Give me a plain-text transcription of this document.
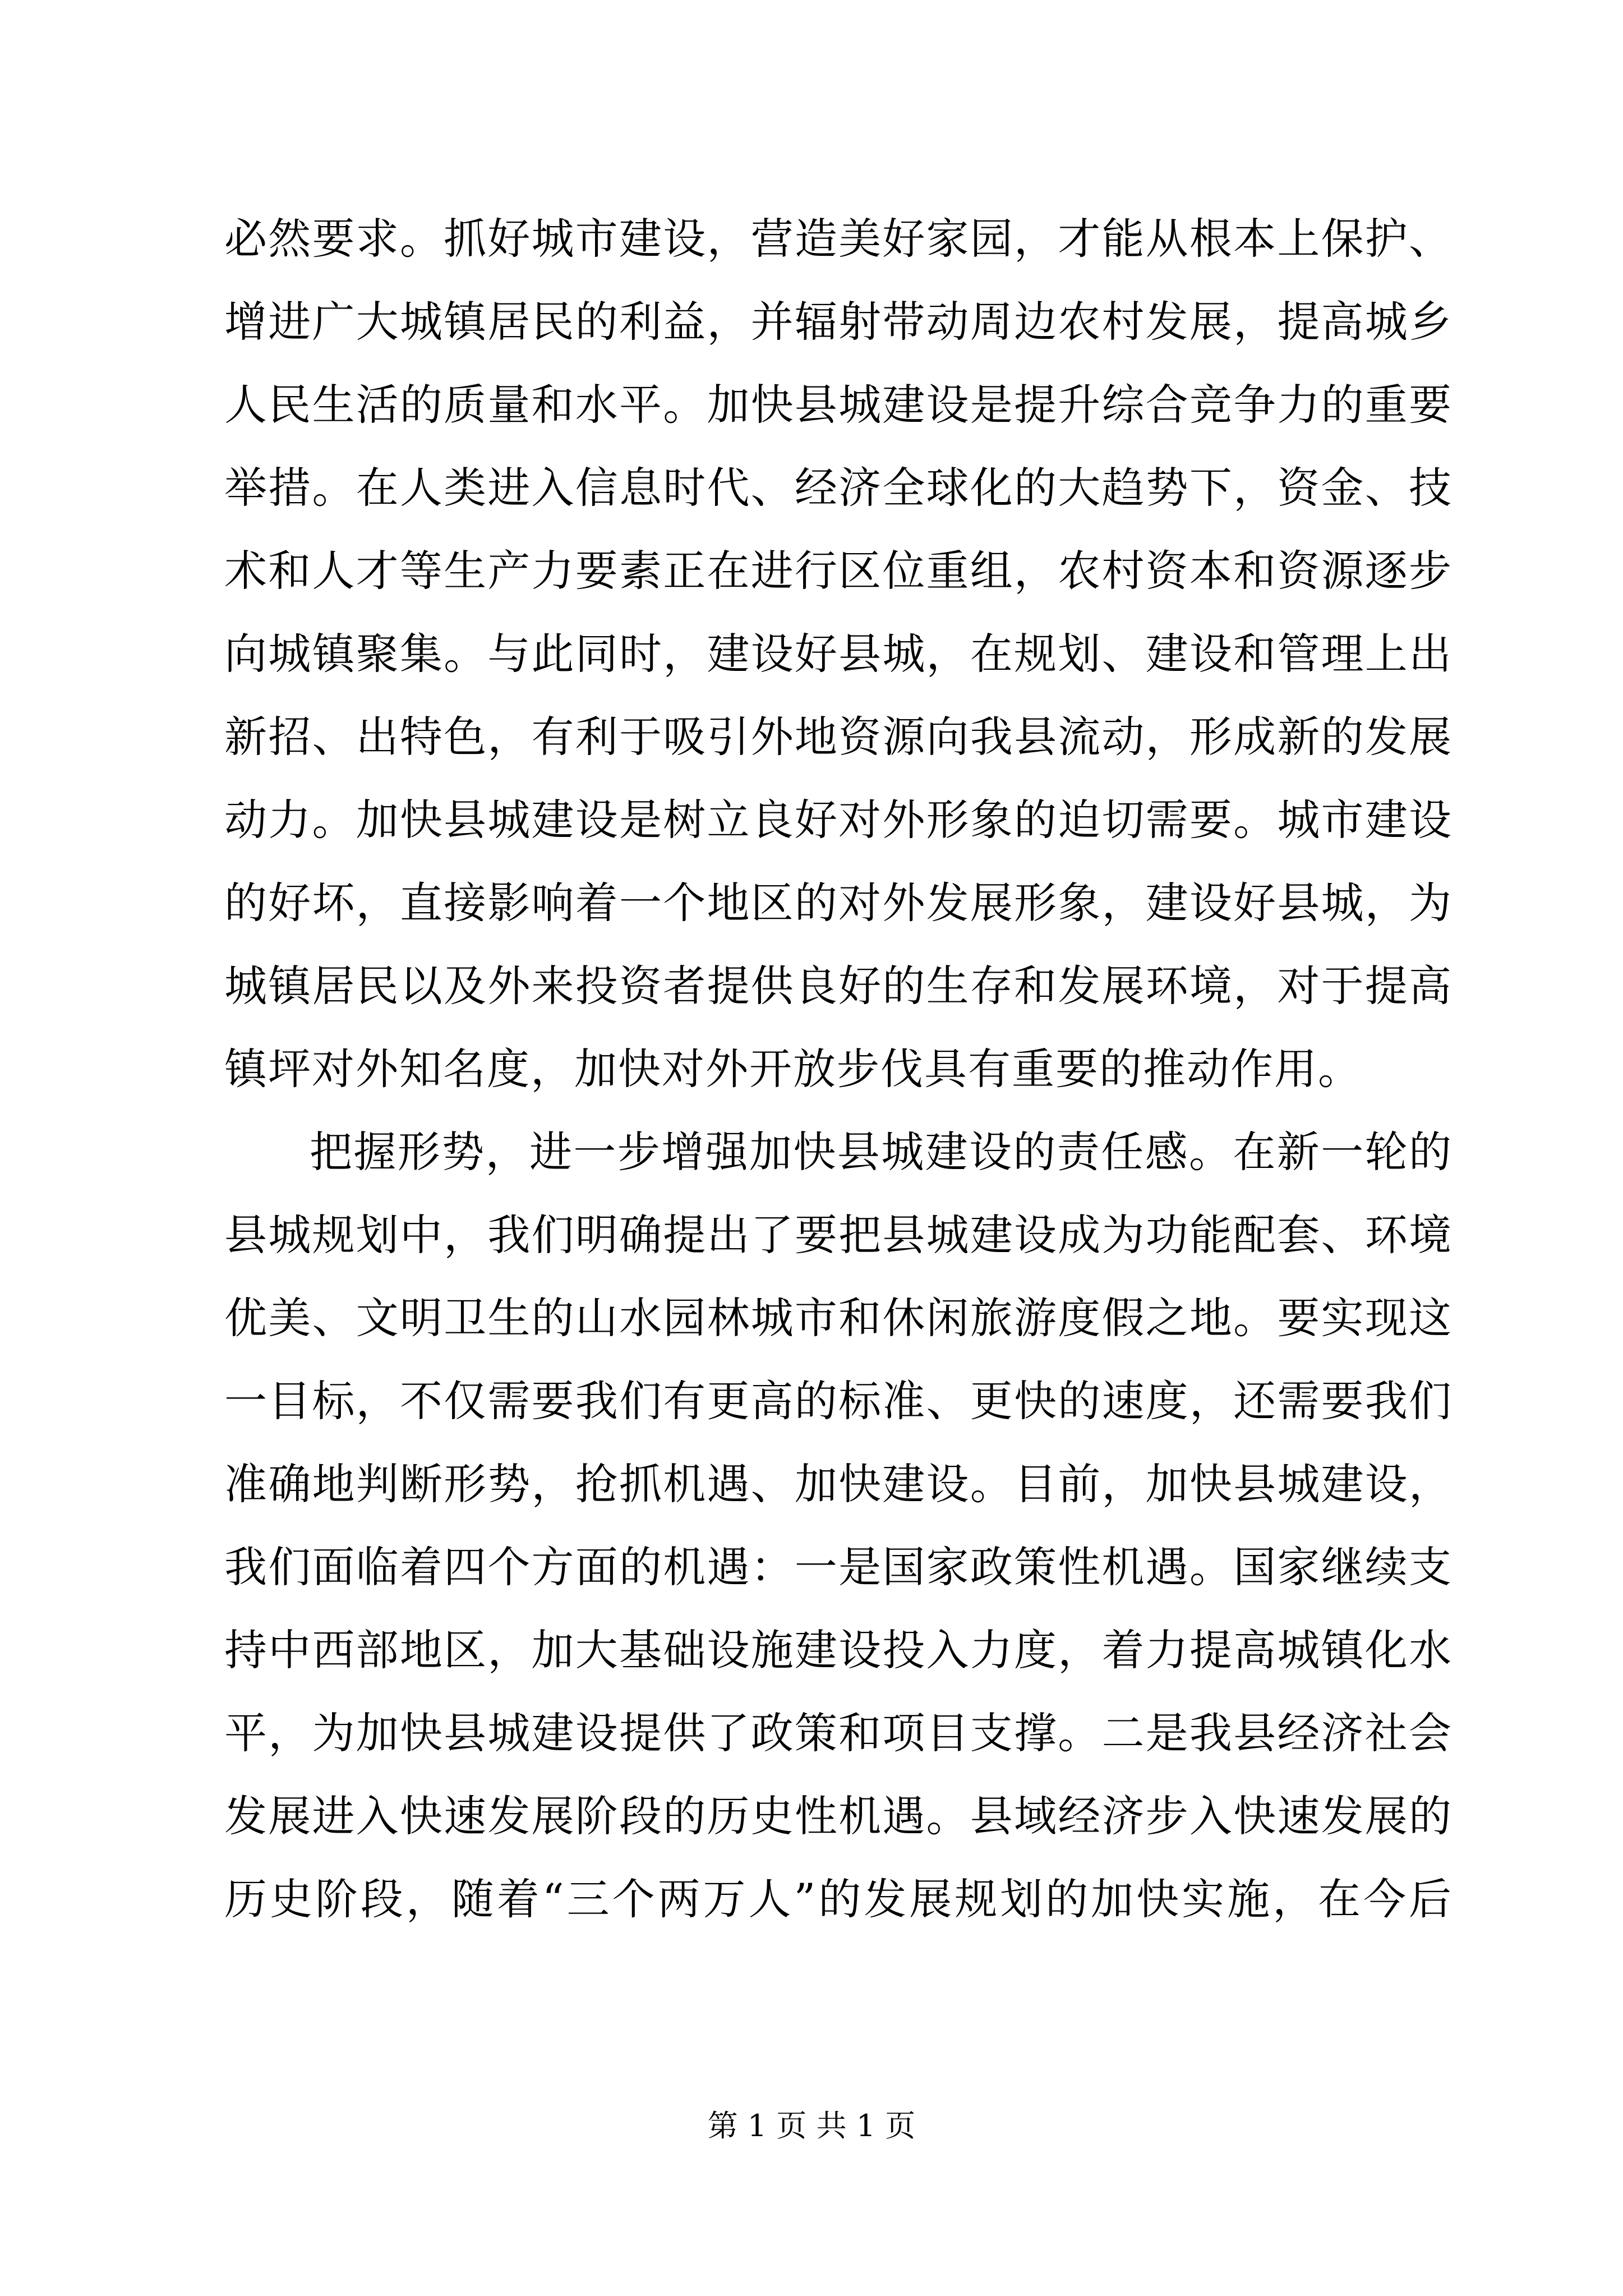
必然要求。抓好城市建设，营造美好家园，才能从根本上保护、
增进广大城镇居民的利益，并辐射带动周边农村发展，提高城乡
人民生活的质量和水平。加快县城建设是提升综合竞争力的重要
举措。在人类进入信息时代、经济全球化的大趋势下，资金、技
术和人才等生产力要素正在进行区位重组，农村资本和资源逐步
向城镇聚集。与此同时，建设好县城，在规划、建设和管理上出
新招、出特色，有利于吸引外地资源向我县流动，形成新的发展
动力。加快县城建设是树立良好对外形象的迫切需要。城市建设
的好坏，直接影响着一个地区的对外发展形象，建设好县城，为
城镇居民以及外来投资者提供良好的生存和发展环境，对于提高
镇坪对外知名度，加快对外开放步伐具有重要的推动作用。
把握形势，进一步增强加快县城建设的责任感。在新一轮的
县城规划中，我们明确提出了要把县城建设成为功能配套、环境
优美、文明卫生的山水园林城市和休闲旅游度假之地。要实现这
一目标，不仅需要我们有更高的标准、更快的速度，还需要我们
准确地判断形势，抢抓机遇、加快建设。目前，加快县城建设，
我们面临着四个方面的机遇：一是国家政策性机遇。国家继续支
持中西部地区，加大基础设施建设投入力度，着力提高城镇化水
平，为加快县城建设提供了政策和项目支撑。二是我县经济社会
发展进入快速发展阶段的历史性机遇。县域经济步入快速发展的
历史阶段，随着“三个两万人”的发展规划的加快实施，在今后
第 1 页 共 1 页
